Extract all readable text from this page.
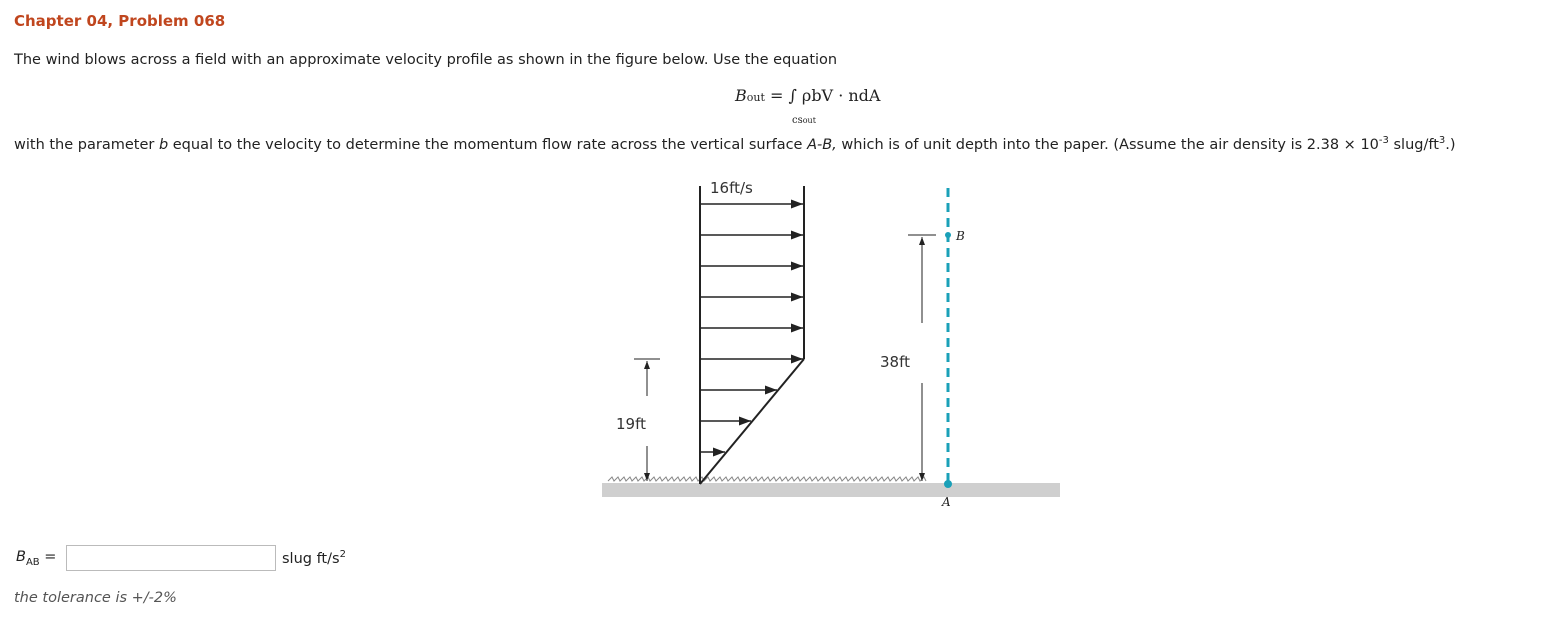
Chapter 04, Problem 068
The wind blows across a field with an approximate velocity profile as shown in the figure below. Use the equation
Bout = ∫ ρbV · ndA
csout
with the parameter b equal to the velocity to determine the momentum flow rate across the vertical surface A-B, which is of unit depth into the paper. (Assume the air density is $2.38 \times 10^{-3}$ slug/$ft^3$.)
16ft/s
19ft
38ft
B
A
$B_{AB}$ =	slug $ft/s^2$
the tolerance is +/-2%
